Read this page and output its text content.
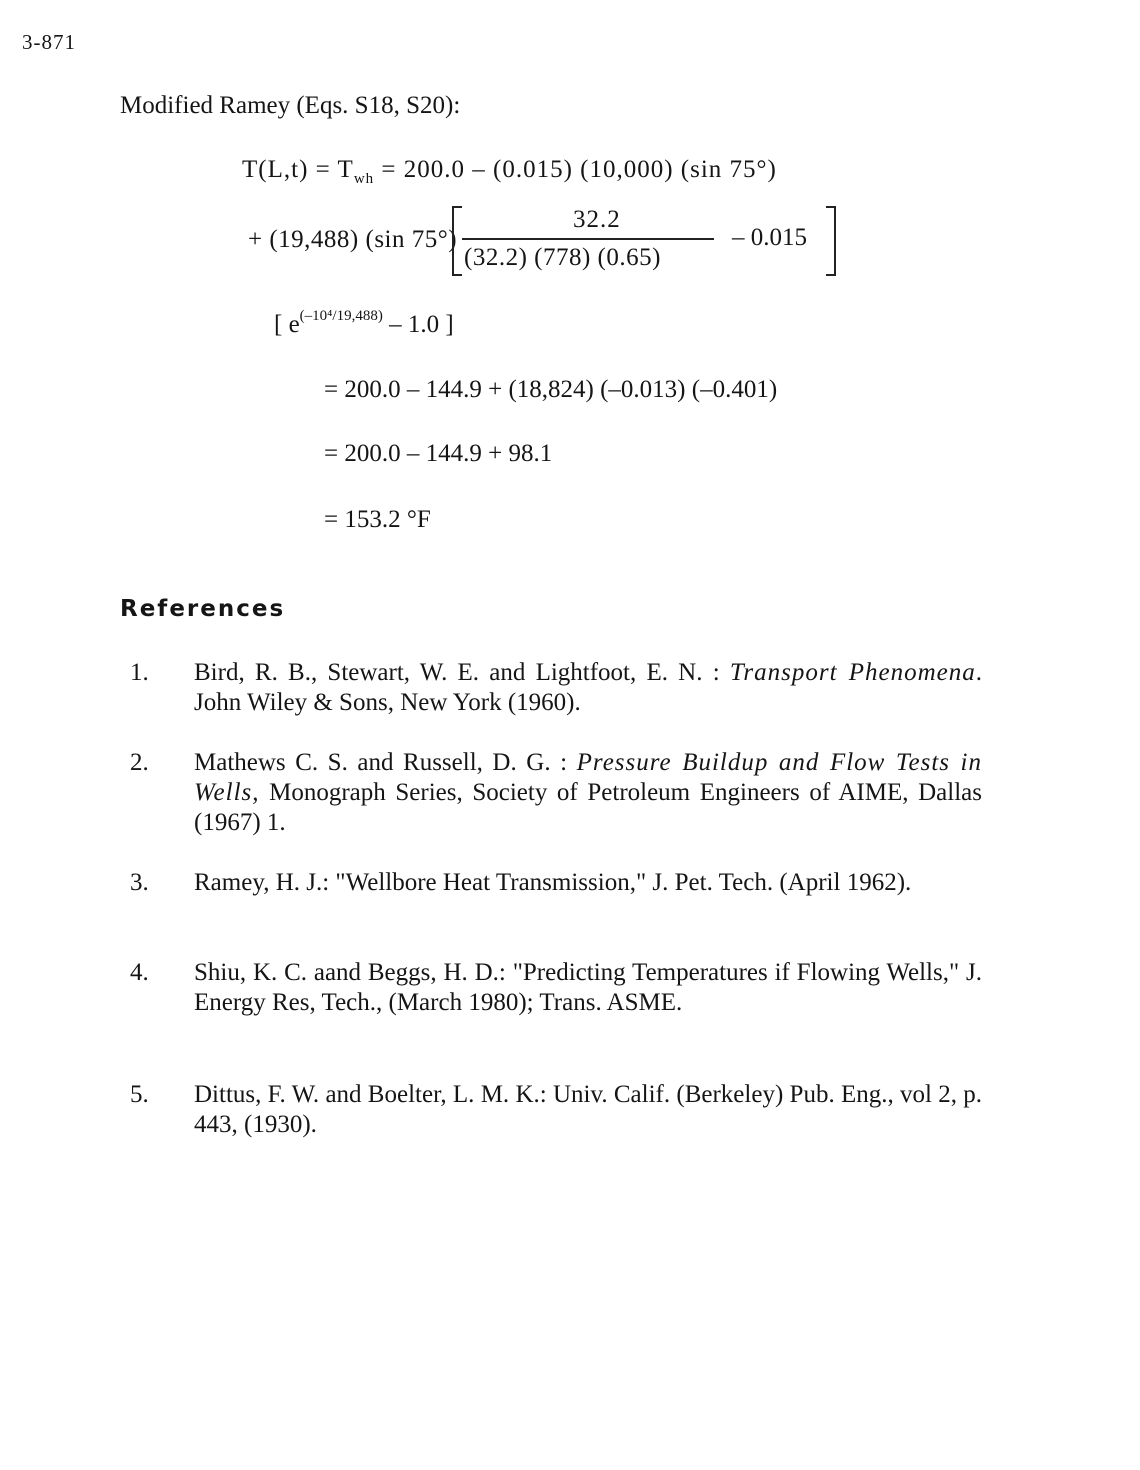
3-871
Modified Ramey (Eqs. S18, S20):
$T(L,t) = T_{wh} = 200.0 - (0.015)$ (10,000) (sin 75°)
+ (19,488) (sin 75°)
32.2
(32.2) (778) (0.65)
– 0.015
[ $e^{(-10^4/19,488)} - 1.0$ ]
= 200.0 – 144.9 + (18,824) (–0.013) (–0.401)
= 200.0 – 144.9 + 98.1
= 153.2 °F
References
1. Bird, R. B., Stewart, W. E. and Lightfoot, E. N. : Transport Phenomena. John Wiley & Sons, New York (1960).
2. Mathews C. S. and Russell, D. G. : Pressure Buildup and Flow Tests in Wells, Monograph Series, Society of Petroleum Engineers of AIME, Dallas (1967) 1.
3. Ramey, H. J.: "Wellbore Heat Transmission," J. Pet. Tech. (April 1962).
4. Shiu, K. C. aand Beggs, H. D.: "Predicting Temperatures if Flowing Wells," J. Energy Res, Tech., (March 1980); Trans. ASME.
5. Dittus, F. W. and Boelter, L. M. K.: Univ. Calif. (Berkeley) Pub. Eng., vol 2, p. 443, (1930).
